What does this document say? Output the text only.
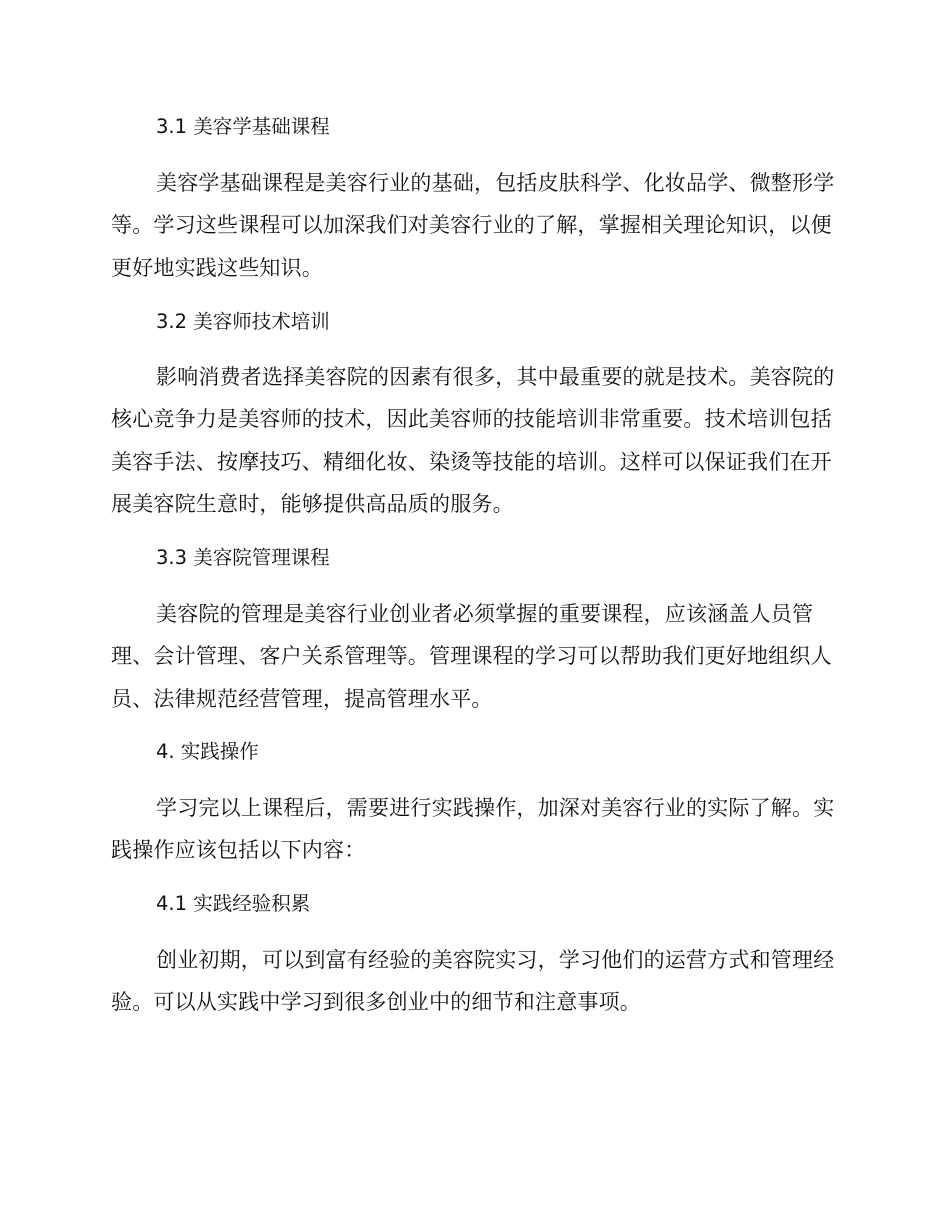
3.1 美容学基础课程

美容学基础课程是美容行业的基础，包括皮肤科学、化妆品学、微整形学等。学习这些课程可以加深我们对美容行业的了解，掌握相关理论知识，以便更好地实践这些知识。

3.2 美容师技术培训

影响消费者选择美容院的因素有很多，其中最重要的就是技术。美容院的核心竞争力是美容师的技术，因此美容师的技能培训非常重要。技术培训包括美容手法、按摩技巧、精细化妆、染烫等技能的培训。这样可以保证我们在开展美容院生意时，能够提供高品质的服务。

3.3 美容院管理课程

美容院的管理是美容行业创业者必须掌握的重要课程，应该涵盖人员管理、会计管理、客户关系管理等。管理课程的学习可以帮助我们更好地组织人员、法律规范经营管理，提高管理水平。

4. 实践操作

学习完以上课程后，需要进行实践操作，加深对美容行业的实际了解。实践操作应该包括以下内容：

4.1 实践经验积累

创业初期，可以到富有经验的美容院实习，学习他们的运营方式和管理经验。可以从实践中学习到很多创业中的细节和注意事项。
